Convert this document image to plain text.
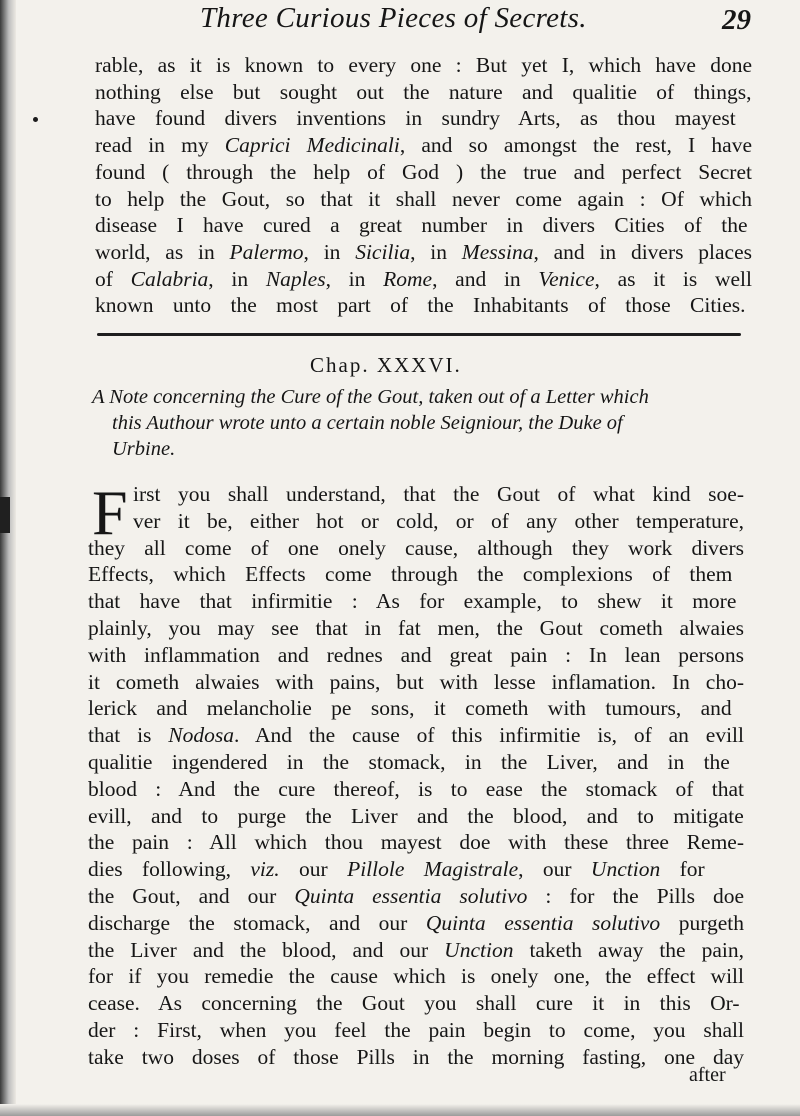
Three Curious Pieces of Secrets.	29
rable, as it is known to every one : But yet I, which have done
nothing else but sought out the nature and qualitie of things,
have found divers inventions in sundry Arts, as thou mayest
read in my Caprici Medicinali, and so amongst the rest, I have
found ( through the help of God ) the true and perfect Secret
to help the Gout, so that it shall never come again : Of which
disease I have cured a great number in divers Cities of the
world, as in Palermo, in Sicilia, in Messina, and in divers places
of Calabria, in Naples, in Rome, and in Venice, as it is well
known unto the most part of the Inhabitants of those Cities.
Chap. XXXVI.
A Note concerning the Cure of the Gout, taken out of a Letter which
this Authour wrote unto a certain noble Seigniour, the Duke of
Urbine.
F irst you shall understand, that the Gout of what kind soe-
ver it be, either hot or cold, or of any other temperature,
they all come of one onely cause, although they work divers
Effects, which Effects come through the complexions of them
that have that infirmitie : As for example, to shew it more
plainly, you may see that in fat men, the Gout cometh alwaies
with inflammation and rednes and great pain : In lean persons
it cometh alwaies with pains, but with lesse inflamation. In cho-
lerick and melancholie pe sons, it cometh with tumours, and
that is Nodosa. And the cause of this infirmitie is, of an evill
qualitie ingendered in the stomack, in the Liver, and in the
blood : And the cure thereof, is to ease the stomack of that
evill, and to purge the Liver and the blood, and to mitigate
the pain : All which thou mayest doe with these three Reme-
dies following, viz. our Pillole Magistrale, our Unction for
the Gout, and our Quinta essentia solutivo : for the Pills doe
discharge the stomack, and our Quinta essentia solutivo purgeth
the Liver and the blood, and our Unction taketh away the pain,
for if you remedie the cause which is onely one, the effect will
cease. As concerning the Gout you shall cure it in this Or-
der : First, when you feel the pain begin to come, you shall
take two doses of those Pills in the morning fasting, one day
after
